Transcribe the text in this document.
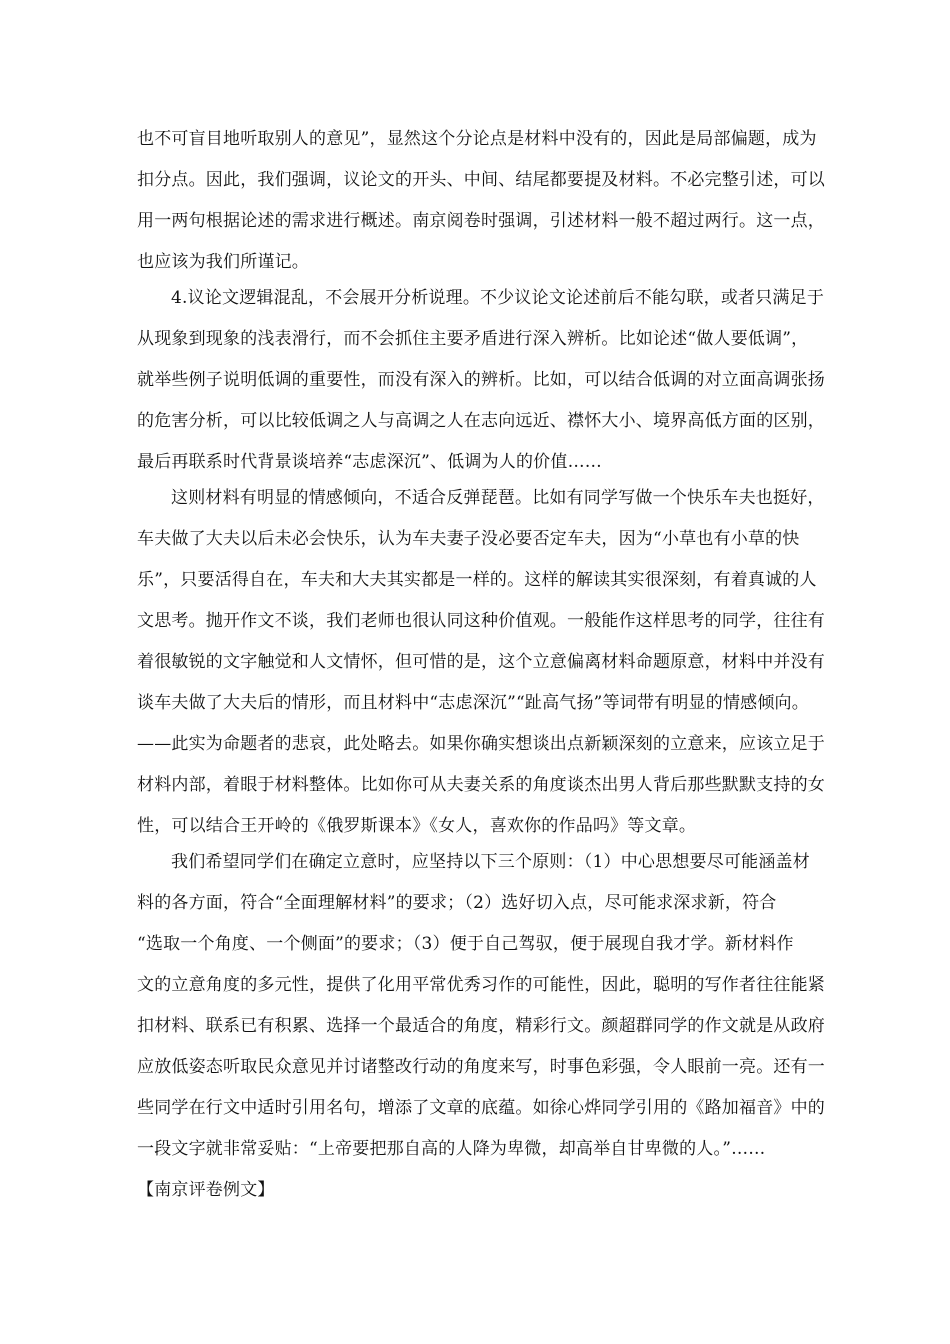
也不可盲目地听取别人的意见”，显然这个分论点是材料中没有的，因此是局部偏题，成为
扣分点。因此，我们强调，议论文的开头、中间、结尾都要提及材料。不必完整引述，可以
用一两句根据论述的需求进行概述。南京阅卷时强调，引述材料一般不超过两行。这一点，
也应该为我们所谨记。
4.议论文逻辑混乱，不会展开分析说理。不少议论文论述前后不能勾联，或者只满足于
从现象到现象的浅表滑行，而不会抓住主要矛盾进行深入辨析。比如论述“做人要低调”，
就举些例子说明低调的重要性，而没有深入的辨析。比如，可以结合低调的对立面高调张扬
的危害分析，可以比较低调之人与高调之人在志向远近、襟怀大小、境界高低方面的区别，
最后再联系时代背景谈培养“志虑深沉”、低调为人的价值……
这则材料有明显的情感倾向，不适合反弹琵琶。比如有同学写做一个快乐车夫也挺好，
车夫做了大夫以后未必会快乐，认为车夫妻子没必要否定车夫，因为“小草也有小草的快
乐”，只要活得自在，车夫和大夫其实都是一样的。这样的解读其实很深刻，有着真诚的人
文思考。抛开作文不谈，我们老师也很认同这种价值观。一般能作这样思考的同学，往往有
着很敏锐的文字触觉和人文情怀，但可惜的是，这个立意偏离材料命题原意，材料中并没有
谈车夫做了大夫后的情形，而且材料中“志虑深沉”“趾高气扬”等词带有明显的情感倾向。
——此实为命题者的悲哀，此处略去。如果你确实想谈出点新颖深刻的立意来，应该立足于
材料内部，着眼于材料整体。比如你可从夫妻关系的角度谈杰出男人背后那些默默支持的女
性，可以结合王开岭的《俄罗斯课本》《女人，喜欢你的作品吗》等文章。
我们希望同学们在确定立意时，应坚持以下三个原则：（1）中心思想要尽可能涵盖材
料的各方面，符合“全面理解材料”的要求；（2）选好切入点，尽可能求深求新，符合
“选取一个角度、一个侧面”的要求；（3）便于自己驾驭，便于展现自我才学。新材料作
文的立意角度的多元性，提供了化用平常优秀习作的可能性，因此，聪明的写作者往往能紧
扣材料、联系已有积累、选择一个最适合的角度，精彩行文。颜超群同学的作文就是从政府
应放低姿态听取民众意见并讨诸整改行动的角度来写，时事色彩强，令人眼前一亮。还有一
些同学在行文中适时引用名句，增添了文章的底蕴。如徐心烨同学引用的《路加福音》中的
一段文字就非常妥贴：“上帝要把那自高的人降为卑微，却高举自甘卑微的人。”……
【南京评卷例文】
